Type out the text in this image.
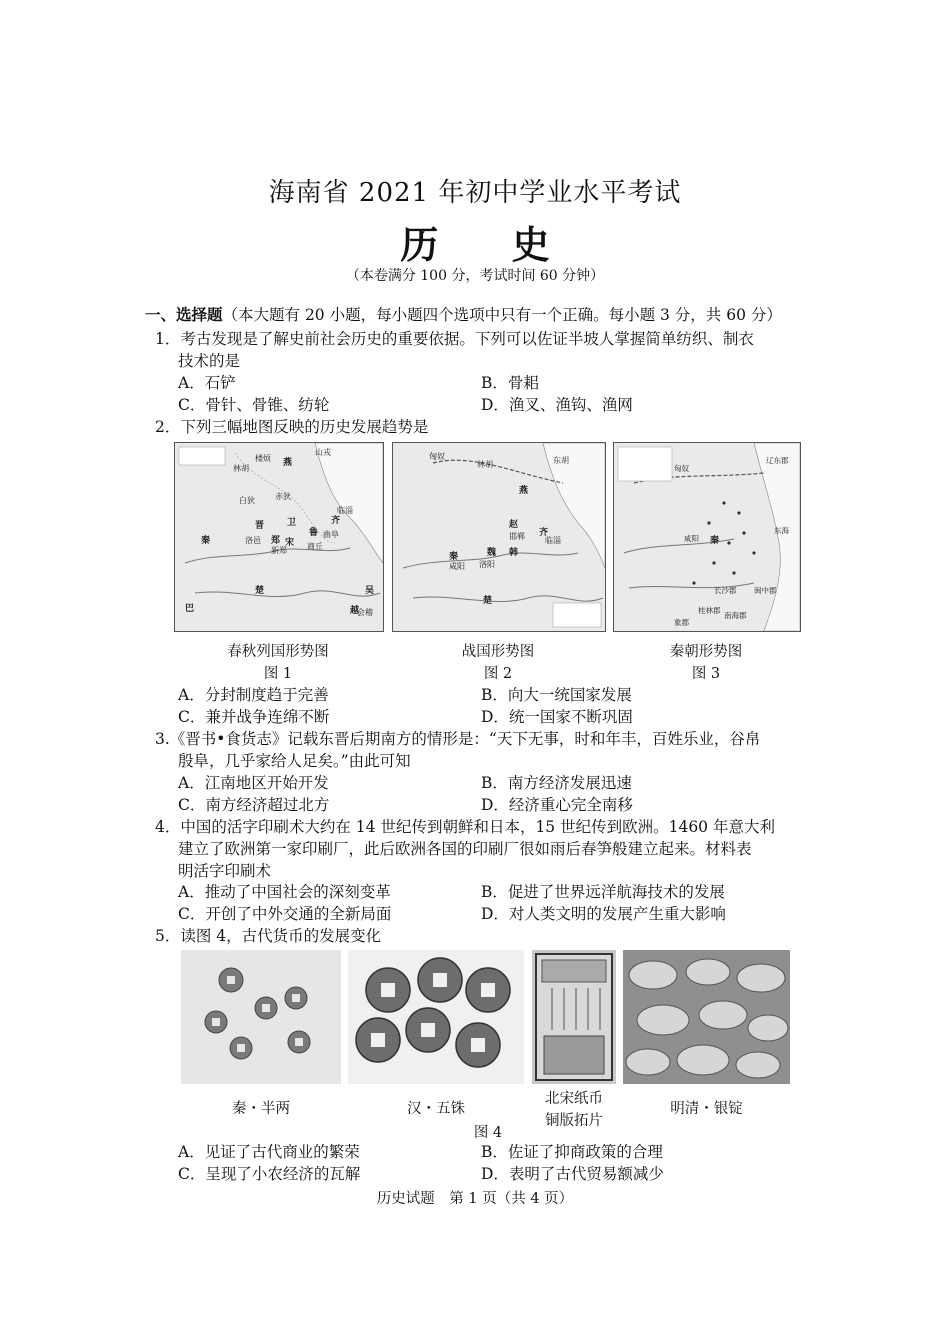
海南省 2021 年初中学业水平考试
历 史
（本卷满分 100 分，考试时间 60 分钟）
一、选择题（本大题有 20 小题，每小题四个选项中只有一个正确。每小题 3 分，共 60 分）
1．考古发现是了解史前社会历史的重要依据。下列可以佐证半坡人掌握简单纺织、制衣
技术的是
A．石铲	B．骨耜
C．骨针、骨锥、纺轮	D．渔叉、渔钩、渔网
2．下列三幅地图反映的历史发展趋势是
燕
齐
鲁
晋
秦
楚	吴
越
卫
宋
郑
巴
洛邑
临淄
曲阜
商丘
新郑
会稽
林胡
楼烦
山戎
赤狄
白狄
燕
赵
齐
魏 韩
秦
楚
洛阳
咸阳
临淄
邯郸
匈奴	东胡
林胡
秦
咸阳
东海
辽东郡
南海郡
闽中郡
长沙郡
桂林郡
象郡
匈奴
春秋列国形势图	战国形势图	秦朝形势图
图 1	图 2	图 3
A．分封制度趋于完善	B．向大一统国家发展
C．兼并战争连绵不断	D．统一国家不断巩固
3.《晋书•食货志》记载东晋后期南方的情形是：“天下无事，时和年丰，百姓乐业，谷帛
殷阜，几乎家给人足矣。”由此可知
A．江南地区开始开发	B．南方经济发展迅速
C．南方经济超过北方	D．经济重心完全南移
4．中国的活字印刷术大约在 14 世纪传到朝鲜和日本，15 世纪传到欧洲。1460 年意大利
建立了欧洲第一家印刷厂，此后欧洲各国的印刷厂很如雨后春笋般建立起来。材料表
明活字印刷术
A．推动了中国社会的深刻变革	B．促进了世界远洋航海技术的发展
C．开创了中外交通的全新局面	D．对人类文明的发展产生重大影响
5．读图 4，古代货币的发展变化
秦・半两	汉・五铢
北宋纸币
铜版拓片
明清・银锭
图 4
A．见证了古代商业的繁荣	B．佐证了抑商政策的合理
C．呈现了小农经济的瓦解	D．表明了古代贸易额减少
历史试题　第 1 页（共 4 页）
